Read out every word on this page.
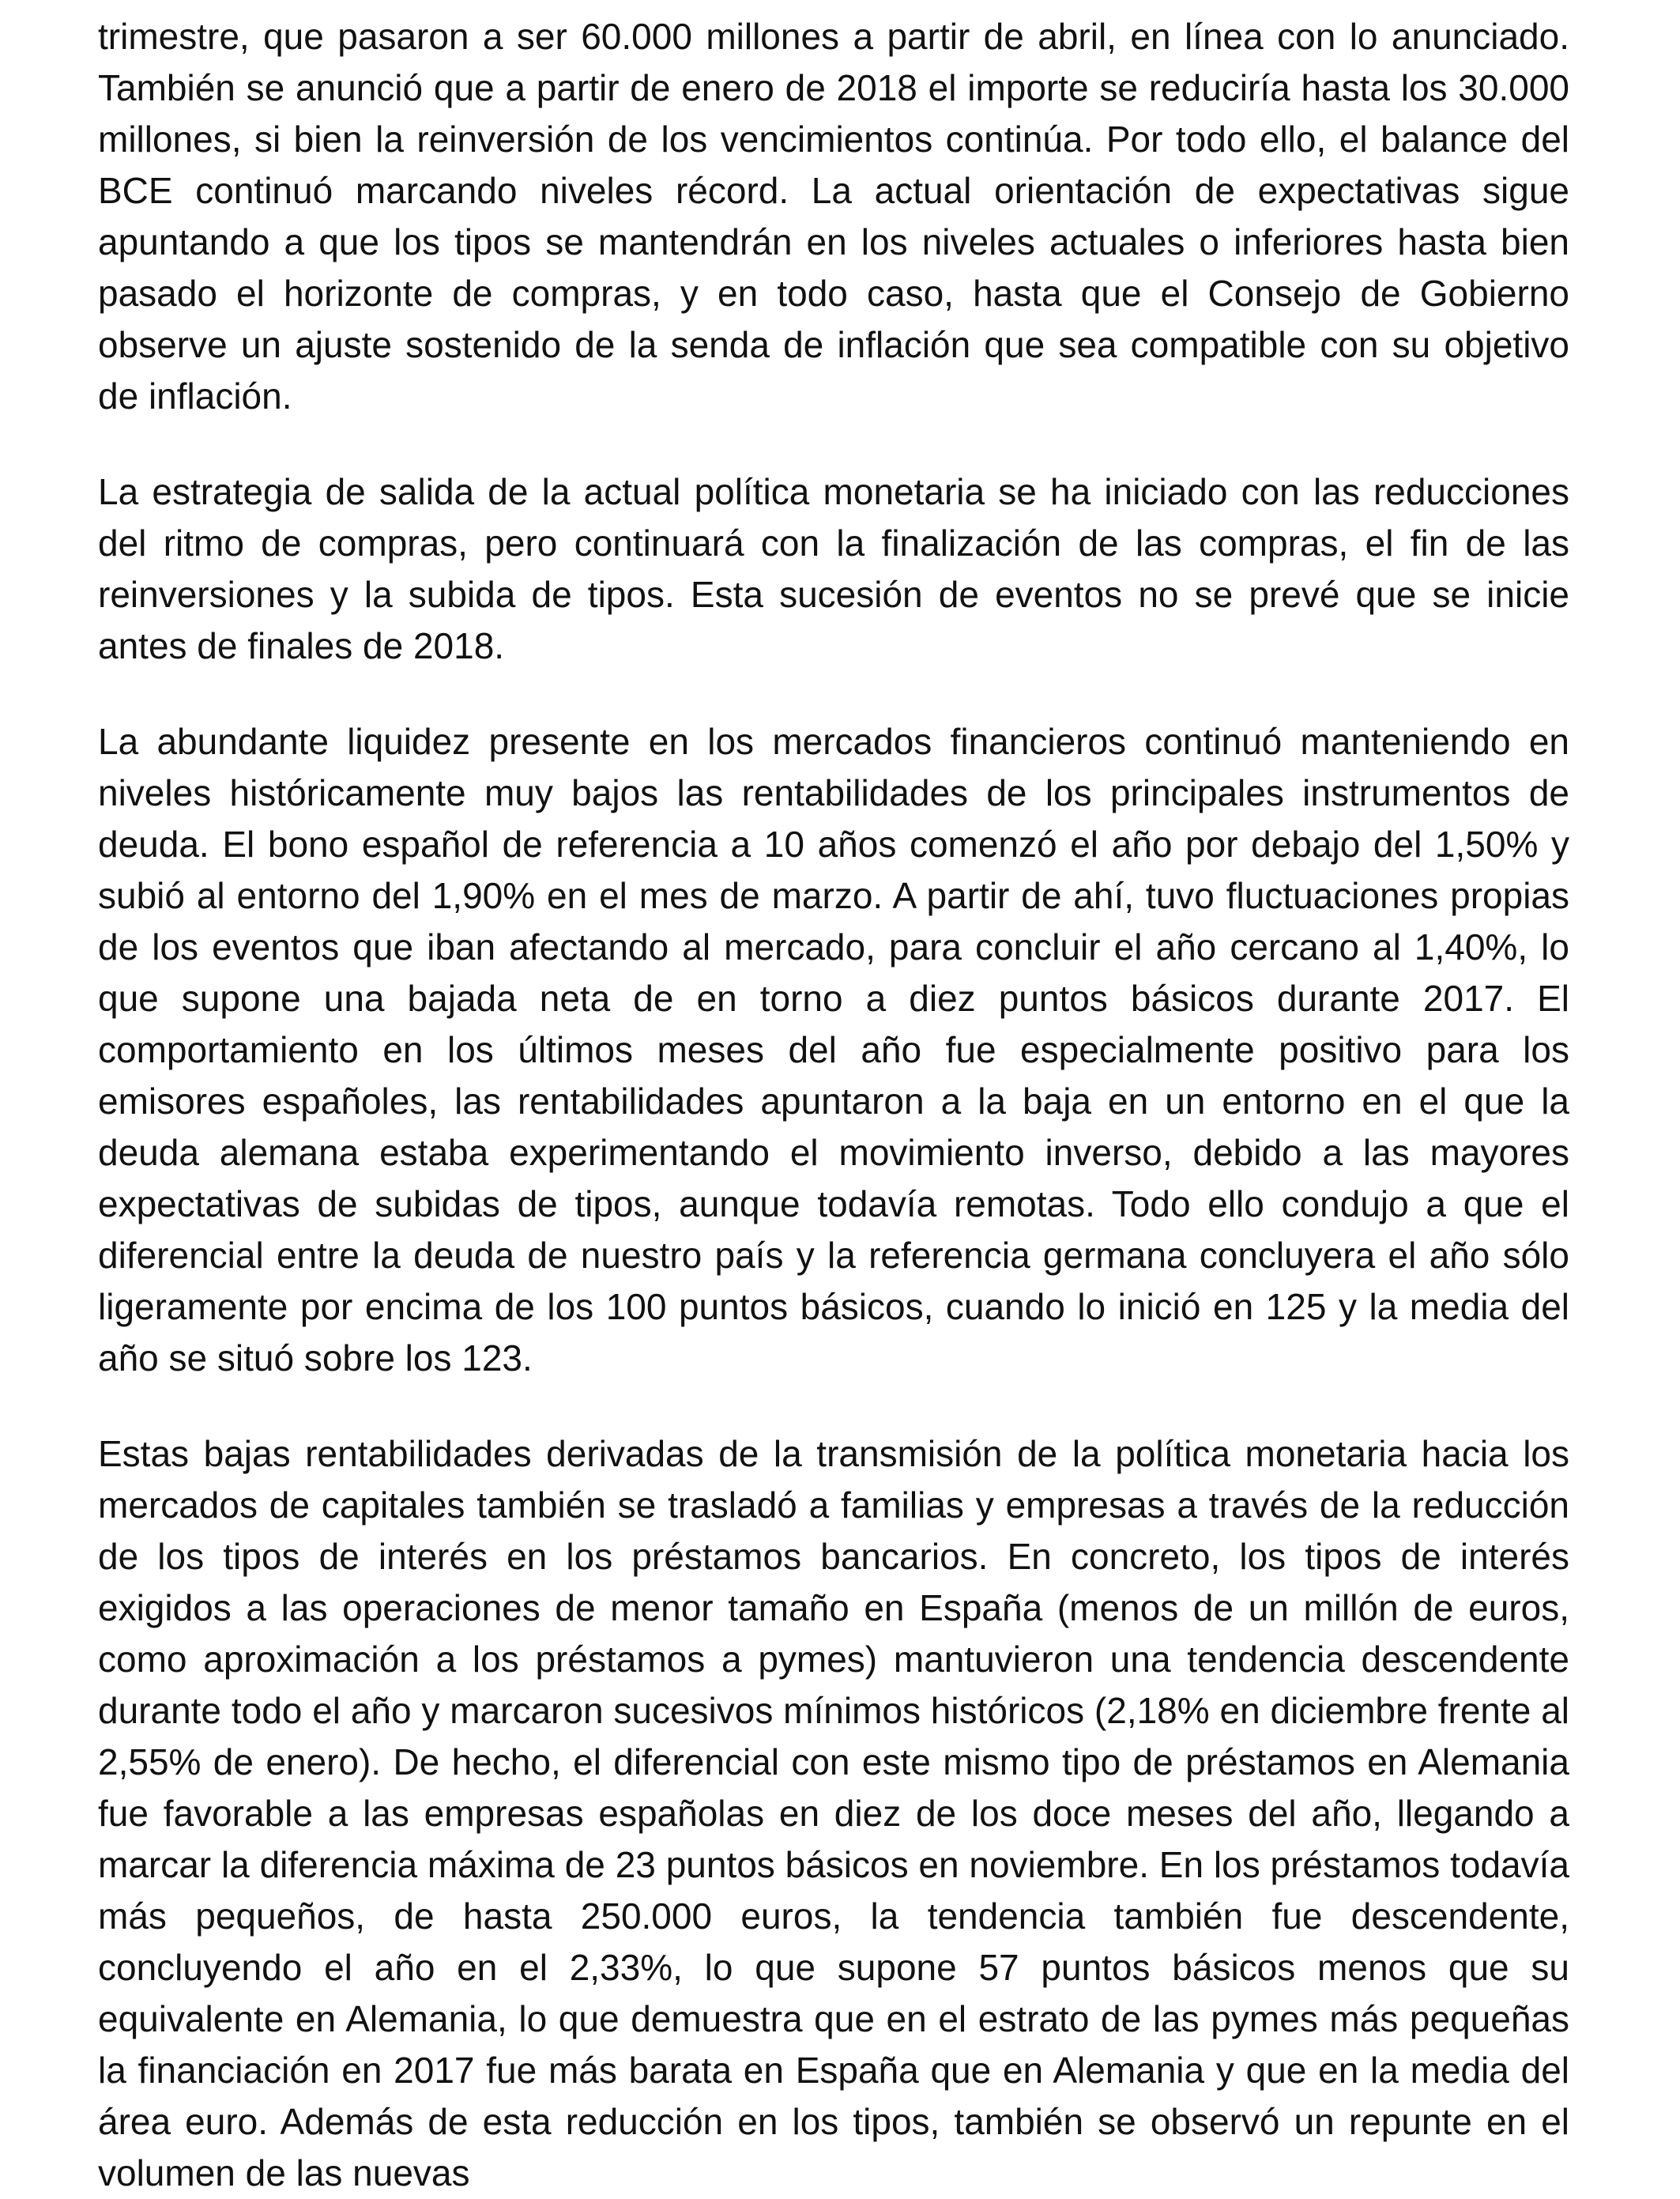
trimestre, que pasaron a ser 60.000 millones a partir de abril, en línea con lo anunciado. También se anunció que a partir de enero de 2018 el importe se reduciría hasta los 30.000 millones, si bien la reinversión de los vencimientos continúa. Por todo ello, el balance del BCE continuó marcando niveles récord. La actual orientación de expectativas sigue apuntando a que los tipos se mantendrán en los niveles actuales o inferiores hasta bien pasado el horizonte de compras, y en todo caso, hasta que el Consejo de Gobierno observe un ajuste sostenido de la senda de inflación que sea compatible con su objetivo de inflación.

La estrategia de salida de la actual política monetaria se ha iniciado con las reducciones del ritmo de compras, pero continuará con la finalización de las compras, el fin de las reinversiones y la subida de tipos. Esta sucesión de eventos no se prevé que se inicie antes de finales de 2018.

La abundante liquidez presente en los mercados financieros continuó manteniendo en niveles históricamente muy bajos las rentabilidades de los principales instrumentos de deuda. El bono español de referencia a 10 años comenzó el año por debajo del 1,50% y subió al entorno del 1,90% en el mes de marzo. A partir de ahí, tuvo fluctuaciones propias de los eventos que iban afectando al mercado, para concluir el año cercano al 1,40%, lo que supone una bajada neta de en torno a diez puntos básicos durante 2017. El comportamiento en los últimos meses del año fue especialmente positivo para los emisores españoles, las rentabilidades apuntaron a la baja en un entorno en el que la deuda alemana estaba experimentando el movimiento inverso, debido a las mayores expectativas de subidas de tipos, aunque todavía remotas. Todo ello condujo a que el diferencial entre la deuda de nuestro país y la referencia germana concluyera el año sólo ligeramente por encima de los 100 puntos básicos, cuando lo inició en 125 y la media del año se situó sobre los 123.

Estas bajas rentabilidades derivadas de la transmisión de la política monetaria hacia los mercados de capitales también se trasladó a familias y empresas a través de la reducción de los tipos de interés en los préstamos bancarios. En concreto, los tipos de interés exigidos a las operaciones de menor tamaño en España (menos de un millón de euros, como aproximación a los préstamos a pymes) mantuvieron una tendencia descendente durante todo el año y marcaron sucesivos mínimos históricos (2,18% en diciembre frente al 2,55% de enero). De hecho, el diferencial con este mismo tipo de préstamos en Alemania fue favorable a las empresas españolas en diez de los doce meses del año, llegando a marcar la diferencia máxima de 23 puntos básicos en noviembre. En los préstamos todavía más pequeños, de hasta 250.000 euros, la tendencia también fue descendente, concluyendo el año en el 2,33%, lo que supone 57 puntos básicos menos que su equivalente en Alemania, lo que demuestra que en el estrato de las pymes más pequeñas la financiación en 2017 fue más barata en España que en Alemania y que en la media del área euro. Además de esta reducción en los tipos, también se observó un repunte en el volumen de las nuevas
